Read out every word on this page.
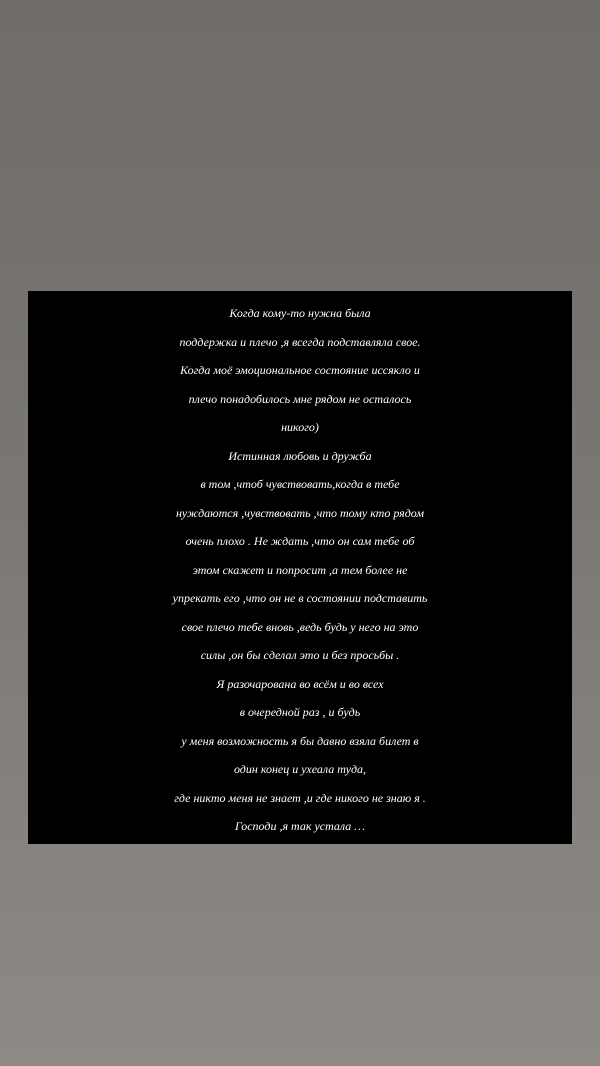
Когда кому-то нужна была
поддержка и плечо ,я всегда подставляла свое.
Когда моё эмоциональное состояние иссякло и
плечо понадобилось мне рядом не осталось
никого)
Истинная любовь и дружба
в том ,чтоб чувствовать,когда в тебе
нуждаются ,чувствовать ,что тому кто рядом
очень плохо . Не ждать ,что он сам тебе об
этом скажет и попросит ,а тем более не
упрекать его ,что он не в состоянии подставить
свое плечо тебе вновь ,ведь будь у него на это
силы ,он бы сделал это и без просьбы .
Я разочарована во всём и во всех
в очередной раз , и будь
у меня возможность я бы давно взяла билет в
один конец и ухеала туда,
где никто меня не знает ,и где никого не знаю я .
Господи ,я так устала …
